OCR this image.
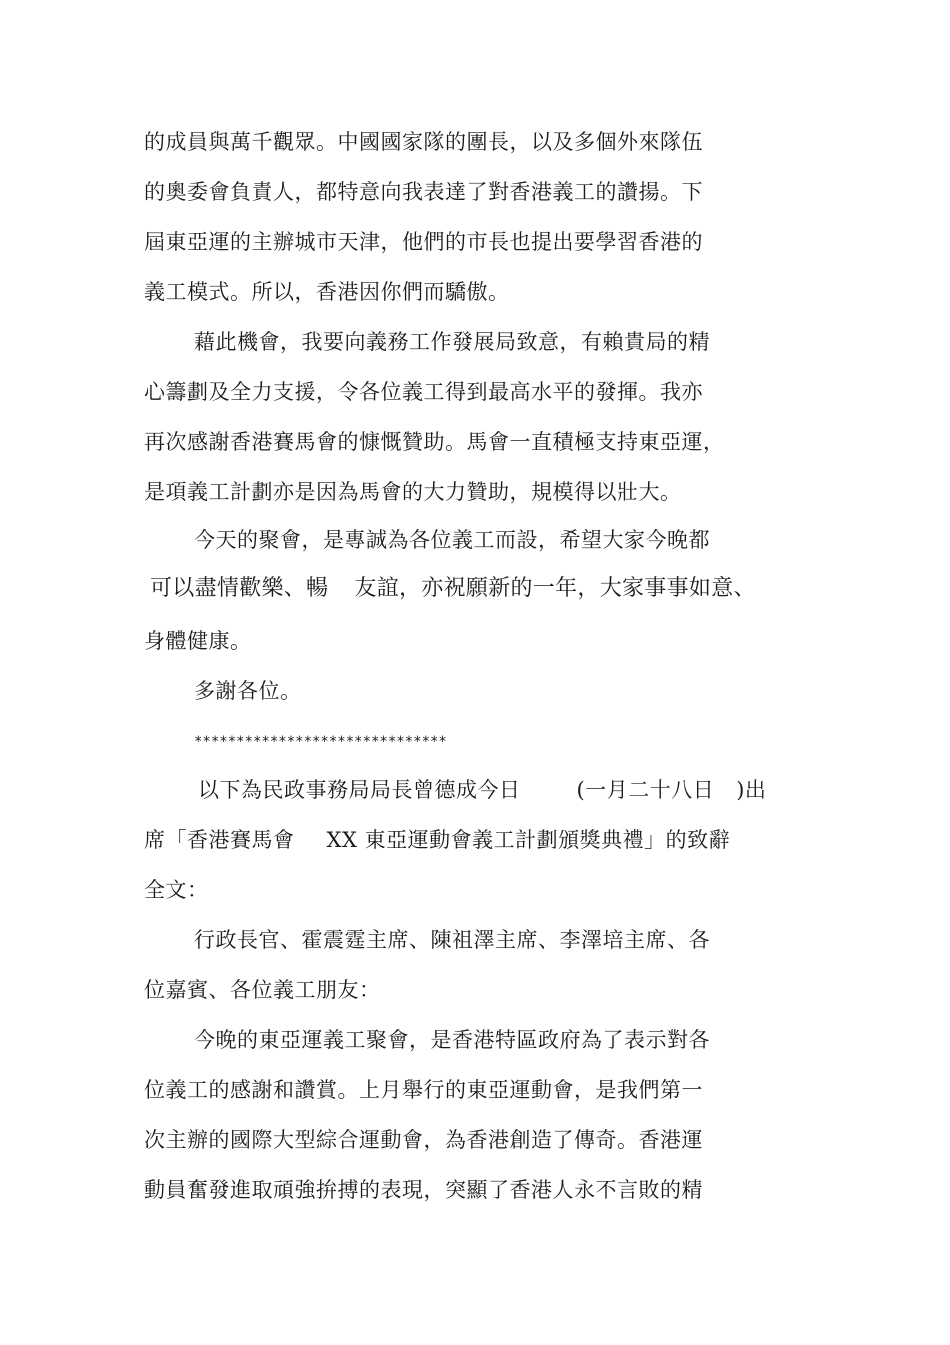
的成員與萬千觀眾。中國國家隊的團長，以及多個外來隊伍
的奧委會負責人，都特意向我表達了對香港義工的讚揚。下
屆東亞運的主辦城市天津，他們的市長也提出要學習香港的
義工模式。所以，香港因你們而驕傲。
藉此機會，我要向義務工作發展局致意，有賴貴局的精
心籌劃及全力支援，令各位義工得到最高水平的發揮。我亦
再次感謝香港賽馬會的慷慨贊助。馬會一直積極支持東亞運，
是項義工計劃亦是因為馬會的大力贊助，規模得以壯大。
今天的聚會，是專誠為各位義工而設，希望大家今晚都
可以盡情歡樂、暢 友誼，亦祝願新的一年，大家事事如意、
身體健康。
多謝各位。
******************************
以下為民政事務局局長曾德成今日	(一月二十八日 )出
席「香港賽馬會 XX 東亞運動會義工計劃頒獎典禮」的致辭
全文：
行政長官、霍震霆主席、陳祖澤主席、李澤培主席、各
位嘉賓、各位義工朋友：
今晚的東亞運義工聚會，是香港特區政府為了表示對各
位義工的感謝和讚賞。上月舉行的東亞運動會，是我們第一
次主辦的國際大型綜合運動會，為香港創造了傳奇。香港運
動員奮發進取頑強拚搏的表現，突顯了香港人永不言敗的精
